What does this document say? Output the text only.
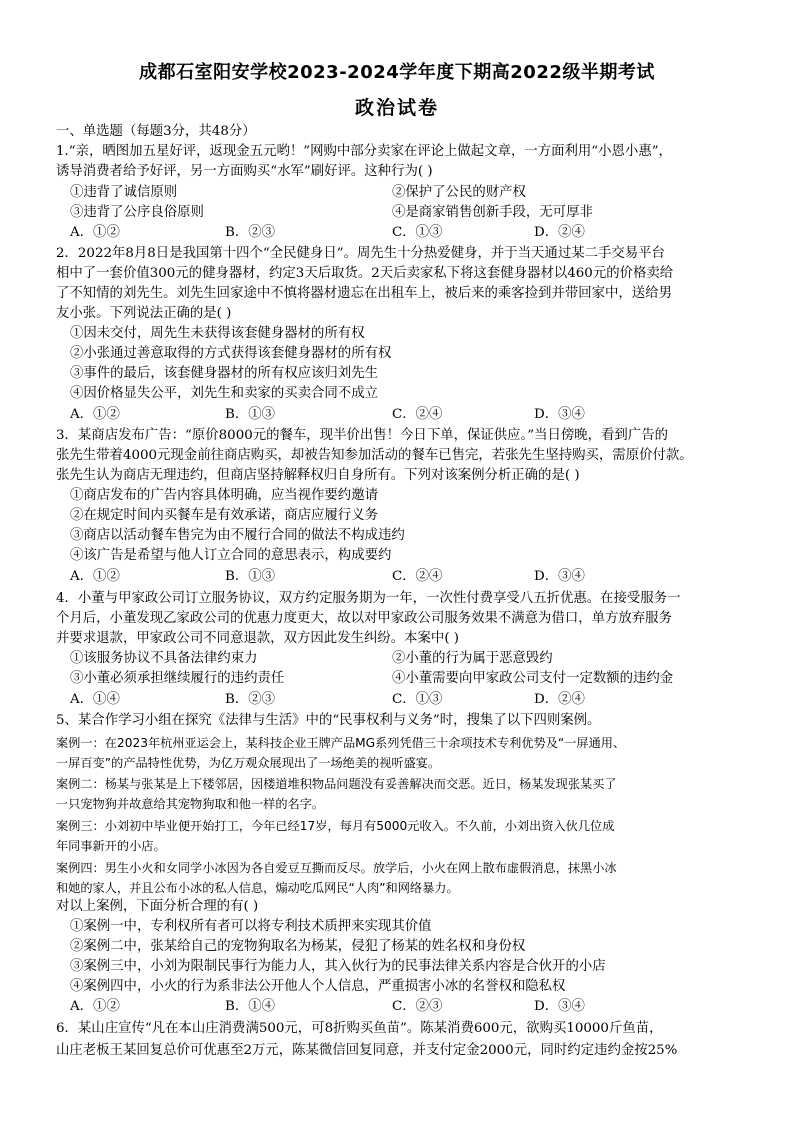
成都石室阳安学校2023-2024学年度下期高2022级半期考试
政治试卷
一、单选题（每题3分，共48分）
1.“亲，晒图加五星好评，返现金五元哟！”网购中部分卖家在评论上做起文章，一方面利用“小恩小惠”，
诱导消费者给予好评，另一方面购买“水军”刷好评。这种行为( )
①违背了诚信原则	②保护了公民的财产权
③违背了公序良俗原则	④是商家销售创新手段，无可厚非
A．①②	B．②③	C．①③	D．②④
2．2022年8月8日是我国第十四个“全民健身日”。周先生十分热爱健身，并于当天通过某二手交易平台
相中了一套价值300元的健身器材，约定3天后取货。2天后卖家私下将这套健身器材以460元的价格卖给
了不知情的刘先生。刘先生回家途中不慎将器材遗忘在出租车上，被后来的乘客捡到并带回家中，送给男
友小张。下列说法正确的是( )
①因未交付，周先生未获得该套健身器材的所有权
②小张通过善意取得的方式获得该套健身器材的所有权
③事件的最后，该套健身器材的所有权应该归刘先生
④因价格显失公平，刘先生和卖家的买卖合同不成立
A．①②	B．①③	C．②④	D．③④
3．某商店发布广告：“原价8000元的餐车，现半价出售！今日下单，保证供应。”当日傍晚，看到广告的
张先生带着4000元现金前往商店购买，却被告知参加活动的餐车已售完，若张先生坚持购买，需原价付款。
张先生认为商店无理违约，但商店坚持解释权归自身所有。下列对该案例分析正确的是( )
①商店发布的广告内容具体明确，应当视作要约邀请
②在规定时间内买餐车是有效承诺，商店应履行义务
③商店以活动餐车售完为由不履行合同的做法不构成违约
④该广告是希望与他人订立合同的意思表示，构成要约
A．①②	B．①③	C．②④	D．③④
4．小董与甲家政公司订立服务协议，双方约定服务期为一年，一次性付费享受八五折优惠。在接受服务一
个月后，小董发现乙家政公司的优惠力度更大，故以对甲家政公司服务效果不满意为借口，单方放弃服务
并要求退款，甲家政公司不同意退款，双方因此发生纠纷。本案中( )
①该服务协议不具备法律约束力	②小董的行为属于恶意毁约
③小董必须承担继续履行的违约责任	④小董需要向甲家政公司支付一定数额的违约金
A．①④	B．②③	C．①③	D．②④
5、某合作学习小组在探究《法律与生活》中的“民事权利与义务”时，搜集了以下四则案例。
案例一：在2023年杭州亚运会上，某科技企业王牌产品MG系列凭借三十余项技术专利优势及“一屏通用、
一屏百变”的产品特性优势，为亿万观众展现出了一场绝美的视听盛宴。
案例二：杨某与张某是上下楼邻居，因楼道堆积物品问题没有妥善解决而交恶。近日，杨某发现张某买了
一只宠物狗并故意给其宠物狗取和他一样的名字。
案例三：小刘初中毕业便开始打工，今年已经17岁，每月有5000元收入。不久前，小刘出资入伙几位成
年同事新开的小店。
案例四：男生小火和女同学小冰因为各自爱豆互撕而反尽。放学后，小火在网上散布虚假消息，抹黑小冰
和她的家人，并且公布小冰的私人信息，煽动吃瓜网民“人肉”和网络暴力。
对以上案例，下面分析合理的有( )
①案例一中，专利权所有者可以将专利技术质押来实现其价值
②案例二中，张某给自己的宠物狗取名为杨某，侵犯了杨某的姓名权和身份权
③案例三中，小刘为限制民事行为能力人，其入伙行为的民事法律关系内容是合伙开的小店
④案例四中，小火的行为系非法公开他人个人信息，严重损害小冰的名誉权和隐私权
A．①②	B．①④	C．②③	D．③④
6．某山庄宣传“凡在本山庄消费满500元，可8折购买鱼苗”。陈某消费600元，欲购买10000斤鱼苗，
山庄老板王某回复总价可优惠至2万元，陈某微信回复同意，并支付定金2000元，同时约定违约金按25%
